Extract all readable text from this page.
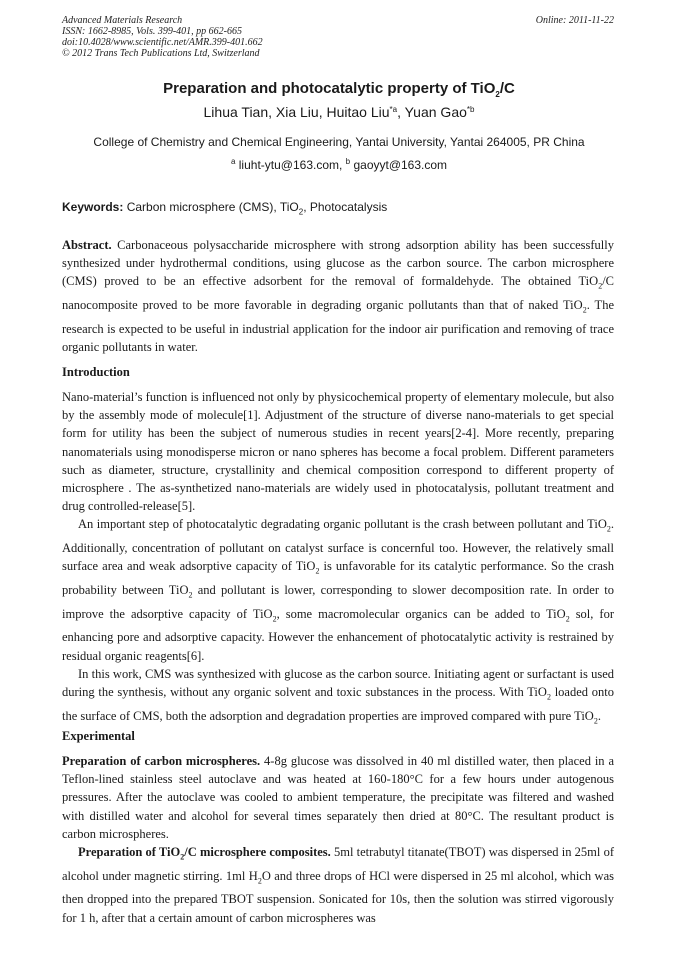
Advanced Materials Research
ISSN: 1662-8985, Vols. 399-401, pp 662-665
doi:10.4028/www.scientific.net/AMR.399-401.662
© 2012 Trans Tech Publications Ltd, Switzerland
Online: 2011-11-22
Preparation and photocatalytic property of TiO$_2$/C
Lihua Tian, Xia Liu, Huitao Liu$^{*a}$, Yuan Gao$^{*b}$
College of Chemistry and Chemical Engineering, Yantai University, Yantai 264005, PR China
$^a$ liuht-ytu@163.com, $^b$ gaoyyt@163.com
Keywords: Carbon microsphere (CMS), TiO$_2$, Photocatalysis

Abstract. Carbonaceous polysaccharide microsphere with strong adsorption ability has been successfully synthesized under hydrothermal conditions, using glucose as the carbon source. The carbon microsphere (CMS) proved to be an effective adsorbent for the removal of formaldehyde. The obtained TiO$_2$/C nanocomposite proved to be more favorable in degrading organic pollutants than that of naked TiO$_2$. The research is expected to be useful in industrial application for the indoor air purification and removing of trace organic pollutants in water.

Introduction

Nano-material’s function is influenced not only by physicochemical property of elementary molecule, but also by the assembly mode of molecule[1]. Adjustment of the structure of diverse nano-materials to get special form for utility has been the subject of numerous studies in recent years[2-4]. More recently, preparing nanomaterials using monodisperse micron or nano spheres has become a focal problem. Different parameters such as diameter, structure, crystallinity and chemical composition correspond to different property of microsphere . The as-synthetized nano-materials are widely used in photocatalysis, pollutant treatment and drug controlled-release[5].

An important step of photocatalytic degradating organic pollutant is the crash between pollutant and TiO$_2$. Additionally, concentration of pollutant on catalyst surface is concernful too. However, the relatively small surface area and weak adsorptive capacity of TiO$_2$ is unfavorable for its catalytic performance. So the crash probability between TiO$_2$ and pollutant is lower, corresponding to slower decomposition rate. In order to improve the adsorptive capacity of TiO$_2$, some macromolecular organics can be added to TiO$_2$ sol, for enhancing pore and adsorptive capacity. However the enhancement of photocatalytic activity is restrained by residual organic reagents[6].

In this work, CMS was synthesized with glucose as the carbon source. Initiating agent or surfactant is used during the synthesis, without any organic solvent and toxic substances in the process. With TiO$_2$ loaded onto the surface of CMS, both the adsorption and degradation properties are improved compared with pure TiO$_2$.

Experimental

Preparation of carbon microspheres. 4-8g glucose was dissolved in 40 ml distilled water, then placed in a Teflon-lined stainless steel autoclave and was heated at 160-180°C for a few hours under autogenous pressures. After the autoclave was cooled to ambient temperature, the precipitate was filtered and washed with distilled water and alcohol for several times separately then dried at 80°C. The resultant product is carbon microspheres.

Preparation of TiO$_2$/C microsphere composites. 5ml tetrabutyl titanate(TBOT) was dispersed in 25ml of alcohol under magnetic stirring. 1ml $H_2O$ and three drops of HCl were dispersed in 25 ml alcohol, which was then dropped into the prepared TBOT suspension. Sonicated for 10s, then the solution was stirred vigorously for 1 h, after that a certain amount of carbon microspheres was
